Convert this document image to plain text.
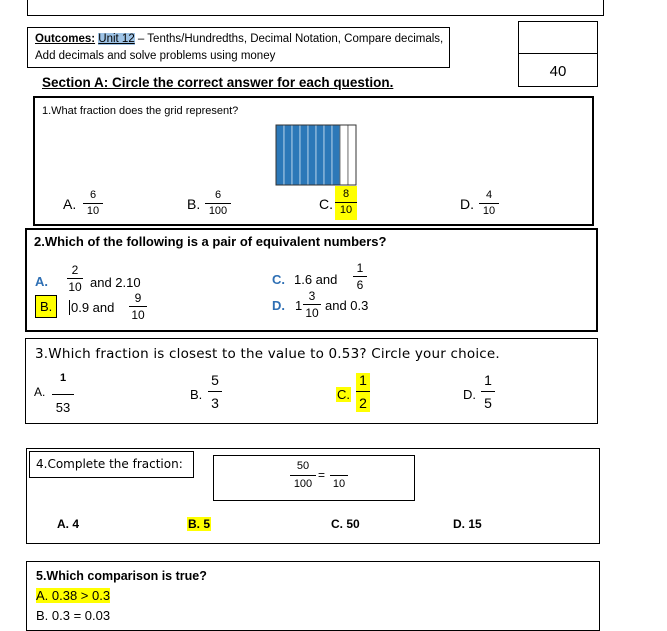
Outcomes: Unit 12 – Tenths/Hundredths, Decimal Notation, Compare decimals,
Add decimals and solve problems using money
40
Section A: Circle the correct answer for each question.
1.What fraction does the grid represent?
A.
6
10	B.
6
100	C.
8
10	D.
4
10
2.Which of the following is a pair of equivalent numbers?
A.
2
10 and 2.10
B.	0.9 and
9
10
C. 1.6 and
1
6
D. 1
3
10 and 0.3
3.Which fraction is closest to the value to 0.53? Circle your choice.
A.
1
53
B.
5
3
C.
1
2
D.
1
5
4.Complete the fraction:	50
100
=
10
A. 4	B. 5	C. 50	D. 15
5.Which comparison is true?
A. 0.38 > 0.3
B. 0.3 = 0.03
